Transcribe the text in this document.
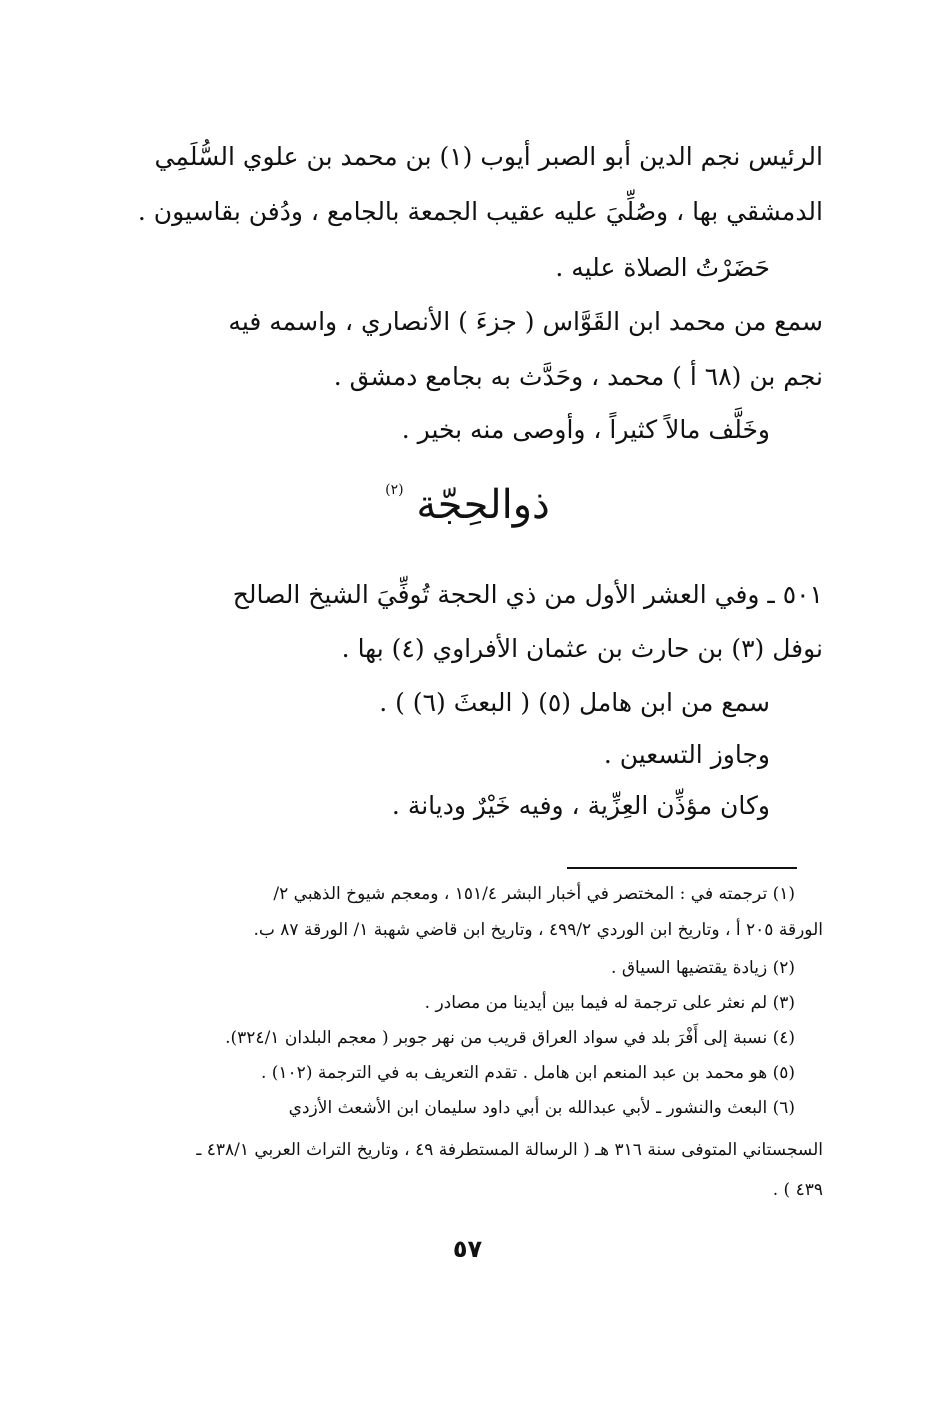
الرئيس نجم الدين أبو الصبر أيوب (١) بن محمد بن علوي السُّلَمِي
الدمشقي بها ، وصُلِّيَ عليه عقيب الجمعة بالجامع ، ودُفن بقاسيون .
حَضَرْتُ الصلاة عليه .
سمع من محمد ابن القَوَّاس ( جزءَ ) الأنصاري ، واسمه فيه
نجم بن (٦٨ أ ) محمد ، وحَدَّث به بجامع دمشق .
وخَلَّف مالاً كثيراً ، وأوصى منه بخير .
ذوالحِجّة $^{(٢)}$
٥٠١ ـ وفي العشر الأول من ذي الحجة تُوفِّيَ الشيخ الصالح
نوفل (٣) بن حارث بن عثمان الأفراوي (٤) بها .
سمع من ابن هامل (٥) ( البعثَ (٦) ) .
وجاوز التسعين .
وكان مؤذِّن العِزِّية ، وفيه خَيْرٌ وديانة .
(١) ترجمته في : المختصر في أخبار البشر ١٥١/٤ ، ومعجم شيوخ الذهبي ٢/
الورقة ٢٠٥ أ ، وتاريخ ابن الوردي ٤٩٩/٢ ، وتاريخ ابن قاضي شهبة ١/ الورقة ٨٧ ب.
(٢) زيادة يقتضيها السياق .
(٣) لم نعثر على ترجمة له فيما بين أيدينا من مصادر .
(٤) نسبة إلى أَفْرَ بلد في سواد العراق قريب من نهر جوبر ( معجم البلدان ٣٢٤/١).
(٥) هو محمد بن عبد المنعم ابن هامل . تقدم التعريف به في الترجمة (١٠٢) .
(٦) البعث والنشور ـ لأبي عبدالله بن أبي داود سليمان ابن الأشعث الأزدي
السجستاني المتوفى سنة ٣١٦ هـ ( الرسالة المستطرفة ٤٩ ، وتاريخ التراث العربي ٤٣٨/١ ـ
٤٣٩ ) .
٥٧
